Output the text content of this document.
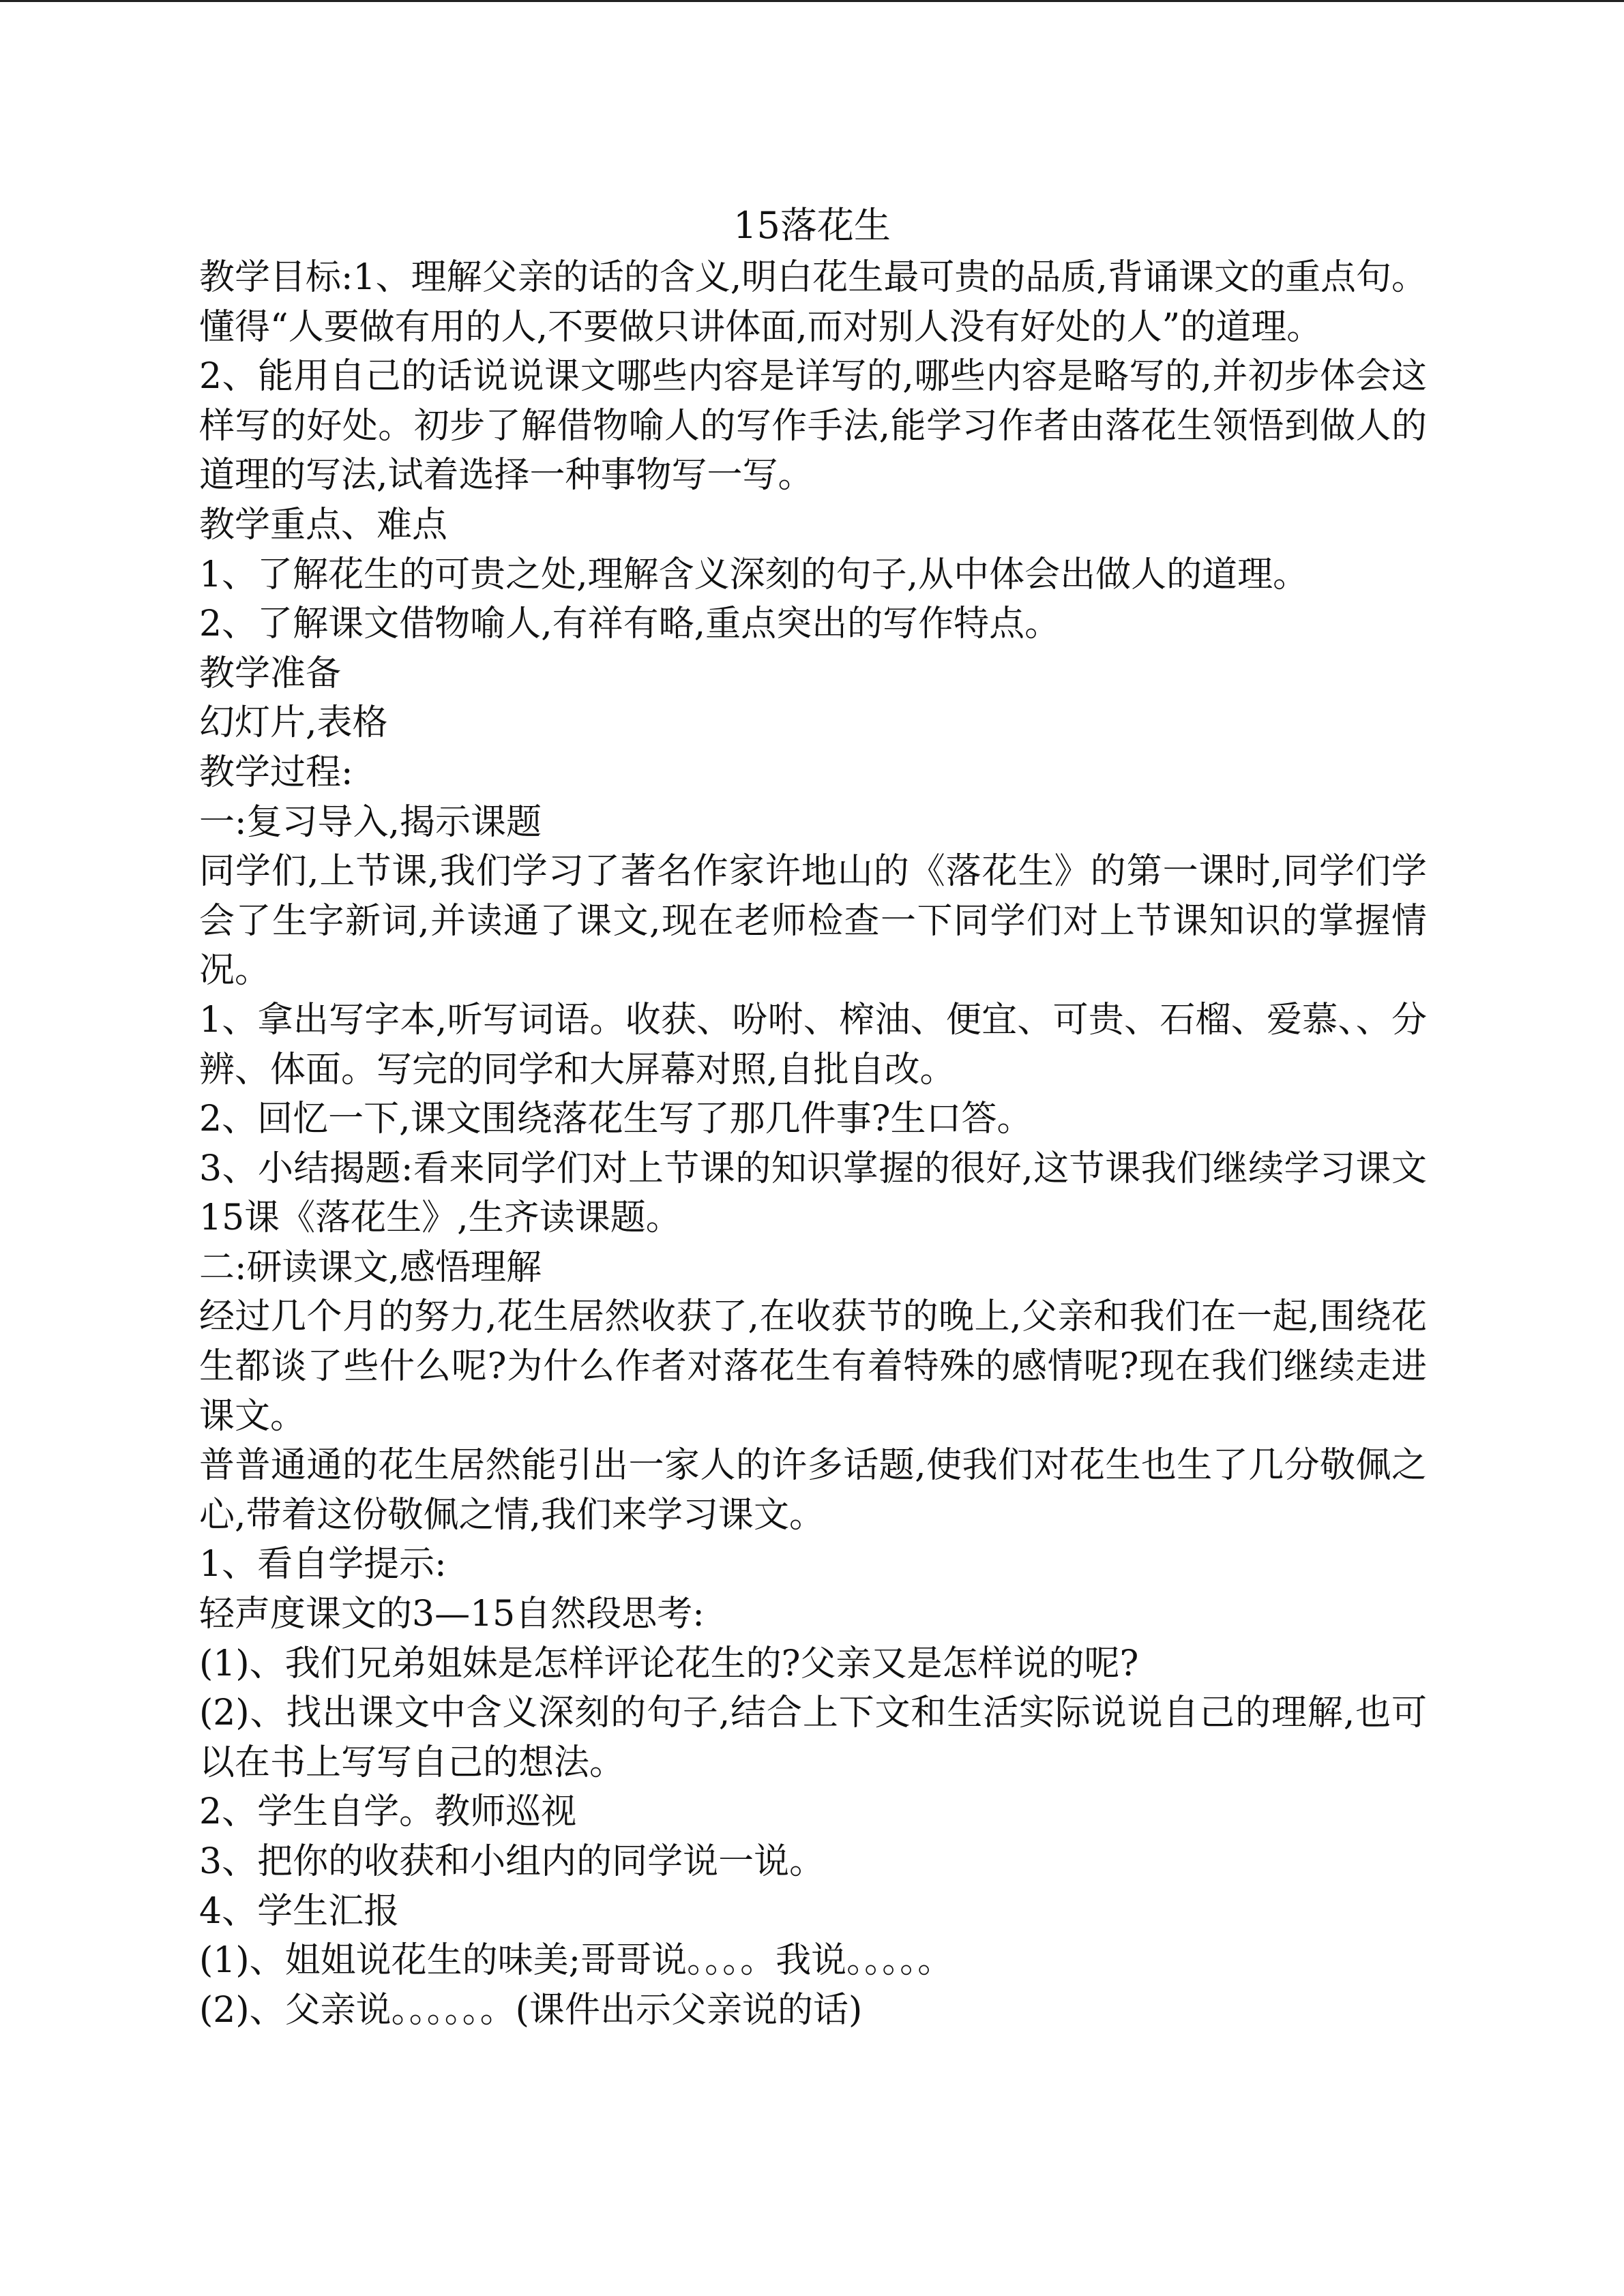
15落花生

教学目标:1、理解父亲的话的含义,明白花生最可贵的品质,背诵课文的重点句。懂得“人要做有用的人,不要做只讲体面,而对别人没有好处的人”的道理。

2、能用自己的话说说课文哪些内容是详写的,哪些内容是略写的,并初步体会这样写的好处。初步了解借物喻人的写作手法,能学习作者由落花生领悟到做人的道理的写法,试着选择一种事物写一写。

教学重点、难点

1、了解花生的可贵之处,理解含义深刻的句子,从中体会出做人的道理。

2、了解课文借物喻人,有祥有略,重点突出的写作特点。

教学准备

幻灯片,表格

教学过程:

一:复习导入,揭示课题

同学们,上节课,我们学习了著名作家许地山的《落花生》的第一课时,同学们学会了生字新词,并读通了课文,现在老师检查一下同学们对上节课知识的掌握情况。

1、拿出写字本,听写词语。收获、吩咐、榨油、便宜、可贵、石榴、爱慕、、分辨、体面。写完的同学和大屏幕对照,自批自改。

2、回忆一下,课文围绕落花生写了那几件事?生口答。

3、小结揭题:看来同学们对上节课的知识掌握的很好,这节课我们继续学习课文15课《落花生》,生齐读课题。

二:研读课文,感悟理解

经过几个月的努力,花生居然收获了,在收获节的晚上,父亲和我们在一起,围绕花生都谈了些什么呢?为什么作者对落花生有着特殊的感情呢?现在我们继续走进课文。

普普通通的花生居然能引出一家人的许多话题,使我们对花生也生了几分敬佩之心,带着这份敬佩之情,我们来学习课文。

1、看自学提示:

轻声度课文的3—15自然段思考:

(1)、我们兄弟姐妹是怎样评论花生的?父亲又是怎样说的呢?

(2)、找出课文中含义深刻的句子,结合上下文和生活实际说说自己的理解,也可以在书上写写自己的想法。

2、学生自学。教师巡视

3、把你的收获和小组内的同学说一说。

4、学生汇报

(1)、姐姐说花生的味美;哥哥说。。。。我说。。。。。

(2)、父亲说。。。。。。(课件出示父亲说的话)
